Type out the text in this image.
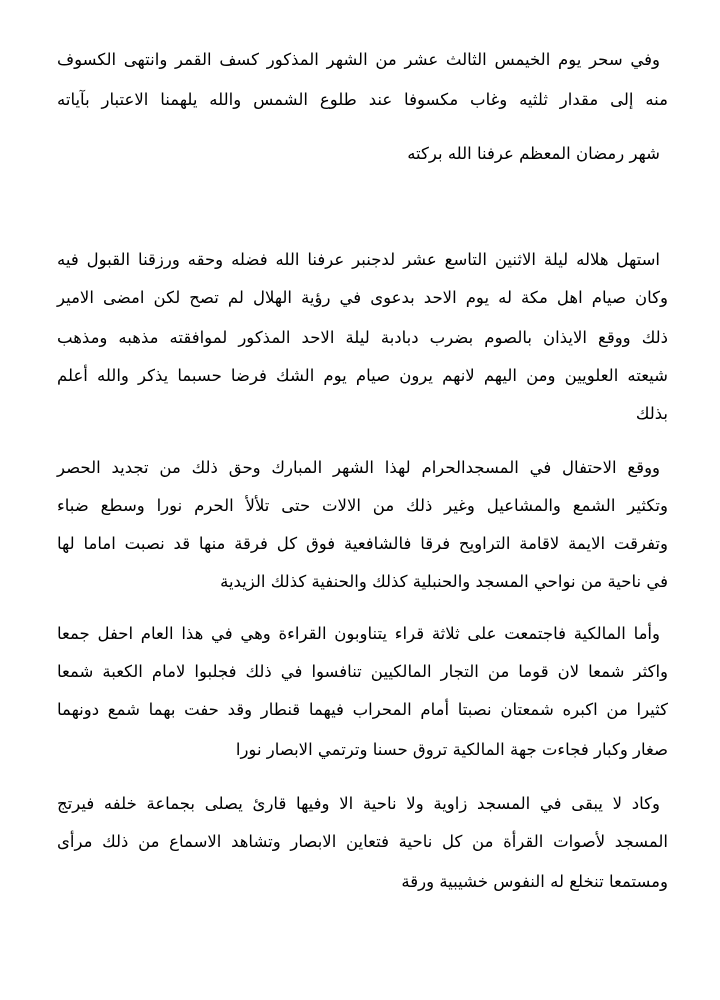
وفي سحر يوم الخيمس الثالث عشر من الشهر المذكور كسف القمر وانتهى الكسوف
منه إلى مقدار ثلثيه وغاب مكسوفا عند طلوع الشمس والله يلهمنا الاعتبار بآياته
شهر رمضان المعظم عرفنا الله بركته
استهل هلاله ليلة الاثنين التاسع عشر لدجنبر عرفنا الله فضله وحقه ورزقنا القبول فيه
وكان صيام اهل مكة له يوم الاحد بدعوى في رؤية الهلال لم تصح لكن امضى الامير
ذلك ووقع الايذان بالصوم بضرب دبادبة ليلة الاحد المذكور لموافقته مذهبه ومذهب
شيعته العلويين ومن اليهم لانهم يرون صيام يوم الشك فرضا حسبما يذكر والله أعلم
بذلك
ووقع الاحتفال في المسجدالحرام لهذا الشهر المبارك وحق ذلك من تجديد الحصر
وتكثير الشمع والمشاعيل وغير ذلك من الالات حتى تلألأ الحرم نورا وسطع ضباء
وتفرقت الايمة لاقامة التراويح فرقا فالشافعية فوق كل فرقة منها قد نصبت اماما لها
في ناحية من نواحي المسجد والحنبلية كذلك والحنفية كذلك الزيدية
وأما المالكية فاجتمعت على ثلاثة قراء يتناوبون القراءة وهي في هذا العام احفل جمعا
واكثر شمعا لان قوما من التجار المالكيين تنافسوا في ذلك فجلبوا لامام الكعبة شمعا
كثيرا من اكبره شمعتان نصبتا أمام المحراب فيهما قنطار وقد حفت بهما شمع دونهما
صغار وكبار فجاءت جهة المالكية تروق حسنا وترتمي الابصار نورا
وكاد لا يبقى في المسجد زاوية ولا ناحية الا وفيها قارئ يصلى بجماعة خلفه فيرتج
المسجد لأصوات القرأة من كل ناحية فتعاين الابصار وتشاهد الاسماع من ذلك مرأى
ومستمعا تنخلع له النفوس خشيبية ورقة
